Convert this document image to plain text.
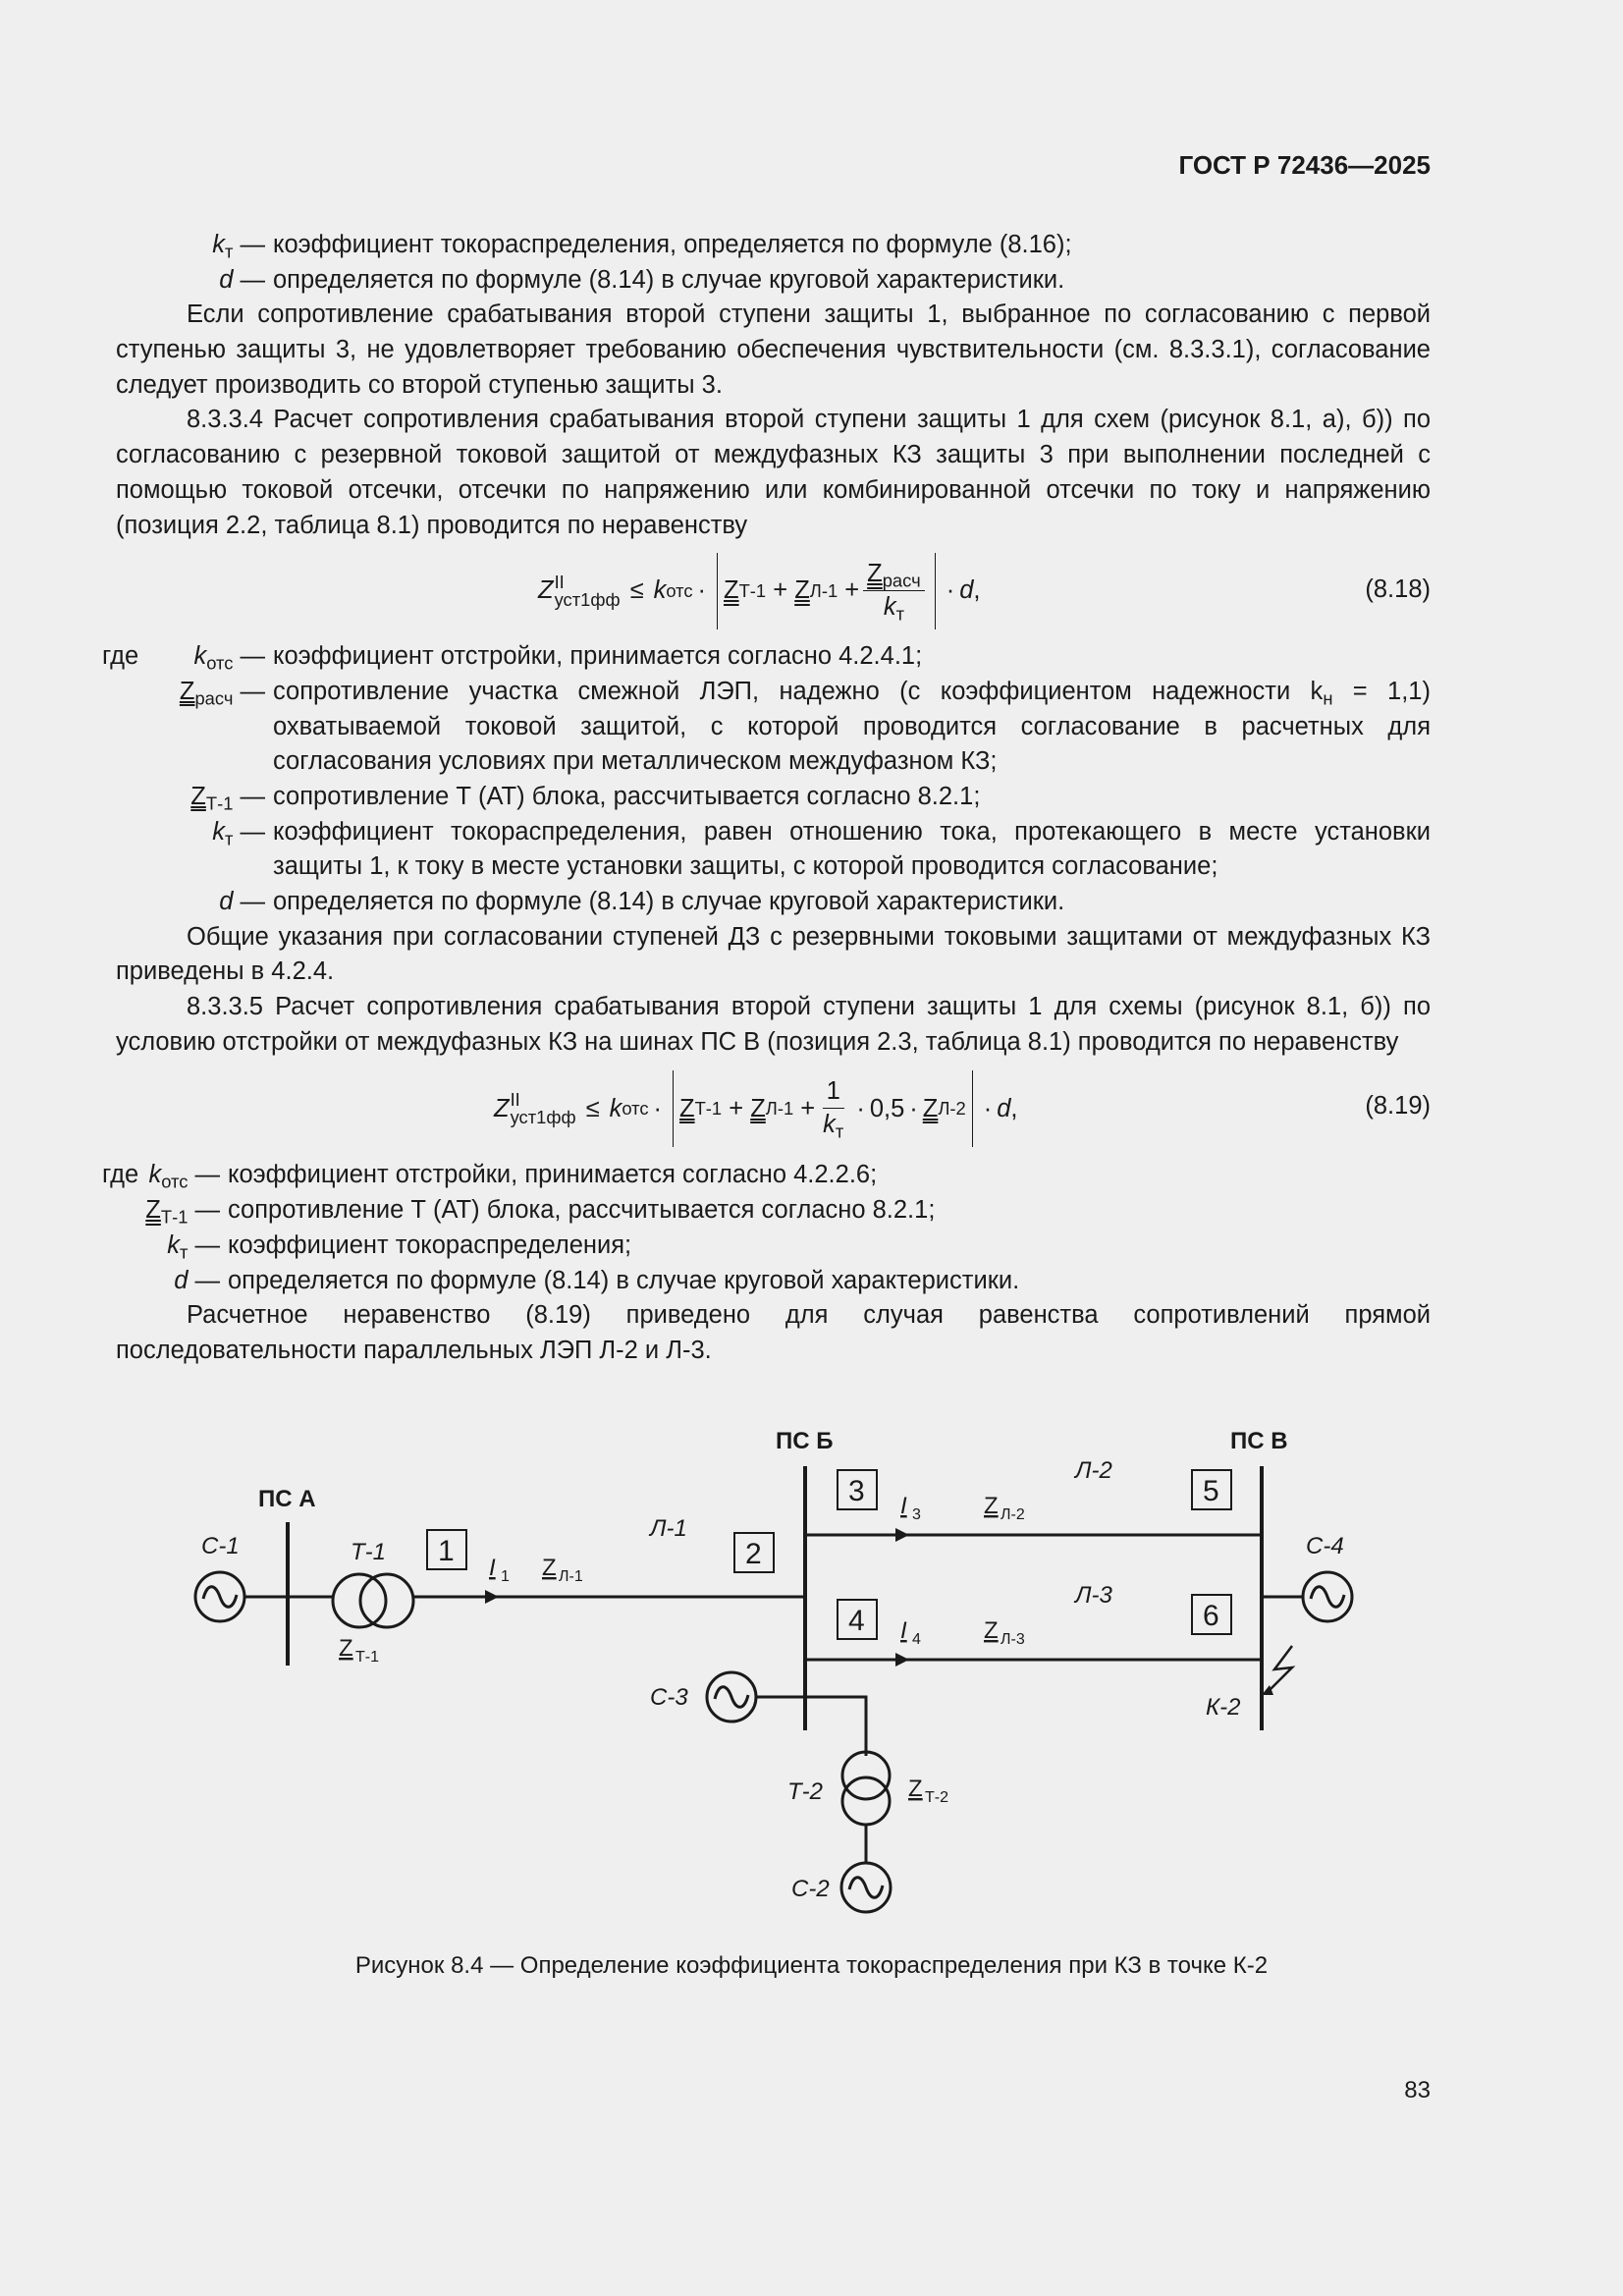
ГОСТ Р 72436—2025
$k_т$ — коэффициент токораспределения, определяется по формуле (8.16);
d — определяется по формуле (8.14) в случае круговой характеристики.

Если сопротивление срабатывания второй ступени защиты 1, выбранное по согласованию с первой ступенью защиты 3, не удовлетворяет требованию обеспечения чувствительности (см. 8.3.3.1), согласование следует производить со второй ступенью защиты 3.

8.3.3.4 Расчет сопротивления срабатывания второй ступени защиты 1 для схем (рисунок 8.1, а), б)) по согласованию с резервной токовой защитой от междуфазных КЗ защиты 3 при выполнении последней с помощью токовой отсечки, отсечки по напряжению или комбинированной отсечки по току и напряжению (позиция 2.2, таблица 8.1) проводится по неравенству

Z II
уст1фф ≤ k отс · Z Т-1 + Z $Л-1 + \frac{Z_{расч}}{k_т} \cdot d$ ,	(8.18)
где $k_{отс}$ — коэффициент отстройки, принимается согласно 4.2.4.1;
$Z_{расч}$ — сопротивление участка смежной ЛЭП, надежно (с коэффициентом надежности $k_н = 1,1$) охватываемой токовой защитой, с которой проводится согласование в расчетных для согласования условиях при металлическом междуфазном КЗ;
$Z_{Т-1}$ — сопротивление Т (АТ) блока, рассчитывается согласно 8.2.1;
$k_т$ — коэффициент токораспределения, равен отношению тока, протекающего в месте установки защиты 1, к току в месте установки защиты, с которой проводится согласование;
d — определяется по формуле (8.14) в случае круговой характеристики.

Общие указания при согласовании ступеней ДЗ с резервными токовыми защитами от междуфазных КЗ приведены в 4.2.4.

8.3.3.5 Расчет сопротивления срабатывания второй ступени защиты 1 для схемы (рисунок 8.1, б)) по условию отстройки от междуфазных КЗ на шинах ПС В (позиция 2.3, таблица 8.1) проводится по неравенству

Z II
уст1фф ≤ k отс · Z Т-1 + Z $Л-1 + \frac{1}{k_т} \cdot 0,5 \cdot Z$ Л-2 · d ,	(8.19)
где $k_{отс}$ — коэффициент отстройки, принимается согласно 4.2.2.6;
$Z_{Т-1}$ — сопротивление Т (АТ) блока, рассчитывается согласно 8.2.1;
$k_т$ — коэффициент токораспределения;
d — определяется по формуле (8.14) в случае круговой характеристики.

Расчетное неравенство (8.19) приведено для случая равенства сопротивлений прямой последовательности параллельных ЛЭП Л-2 и Л-3.

ПС А
ПС Б	ПС В
С-1	Т-1
Л-1
Л-2
Л-3
С-4
С-3	К-2
Т-2
С-2
1	2
3
4
5
6
I 1
I 3
I 4
Z Л-1
Z Л-2
Z Л-3
Z Т-1
Z Т-2
Рисунок 8.4 — Определение коэффициента токораспределения при КЗ в точке К-2
83
